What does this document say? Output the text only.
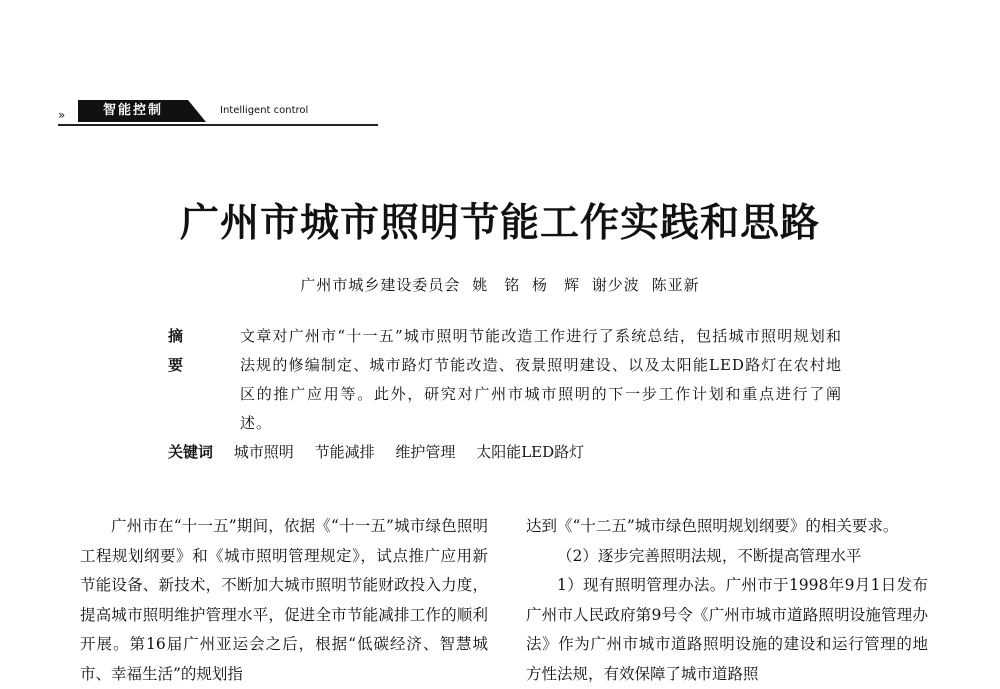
»	智能控制	Intelligent control
广州市城市照明节能工作实践和思路
广州市城乡建设委员会 姚　铭 杨　辉 谢少波 陈亚新
摘　要
文章对广州市“十一五”城市照明节能改造工作进行了系统总结，包括城市照明规划和法规的修编制定、城市路灯节能改造、夜景照明建设、以及太阳能LED路灯在农村地区的推广应用等。此外，研究对广州市城市照明的下一步工作计划和重点进行了阐述。
关键词 城市照明 节能减排 维护管理 太阳能LED路灯

广州市在“十一五”期间，依据《“十一五”城市绿色照明工程规划纲要》和《城市照明管理规定》，试点推广应用新节能设备、新技术，不断加大城市照明节能财政投入力度，提高城市照明维护管理水平，促进全市节能减排工作的顺利开展。第16届广州亚运会之后，根据“低碳经济、智慧城市、幸福生活”的规划指

达到《“十二五”城市绿色照明规划纲要》的相关要求。

（2）逐步完善照明法规，不断提高管理水平

1）现有照明管理办法。广州市于1998年9月1日发布广州市人民政府第9号令《广州市城市道路照明设施管理办法》作为广州市城市道路照明设施的建设和运行管理的地方性法规，有效保障了城市道路照
